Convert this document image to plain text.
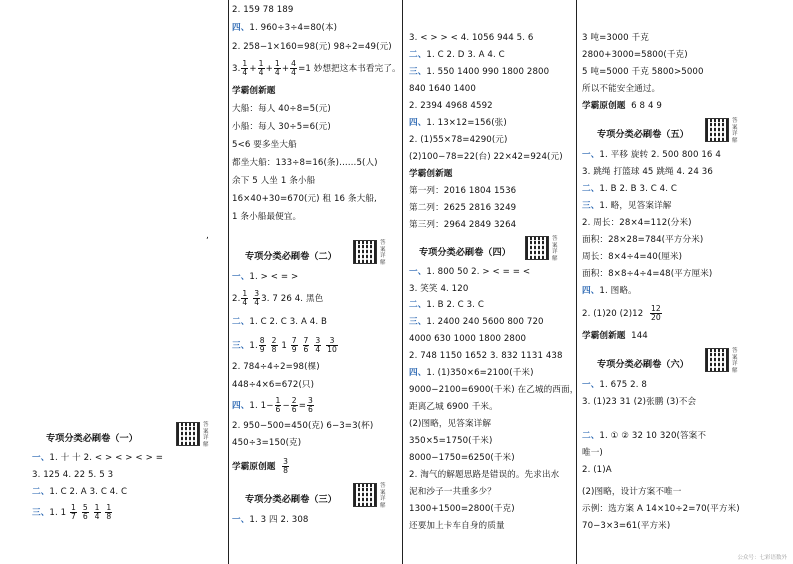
专项分类必刷卷（一）
答案详解
一、1. 十 十 2. < > < > < > =
3. 125 4. 22 5. 5 3
二、1. C 2. A 3. C 4. C
三、1. $1 \frac{1}{7}$
$\frac{5}{6}$
$\frac{1}{4}$
$\frac{1}{8}$
,
2. 159 78 189
四、1. 960÷3÷4=80(本)
2. 258−1×160=98(元) 98÷2=49(元)
3. $\frac{1}{4} + \frac{1}{4} + \frac{1}{4} + \frac{4}{4} =1$ 妙想把这本书看完了。
学霸创新题
大船：每人 40÷8=5(元)
小船：每人 30÷5=6(元)
5<6 要多坐大船
都坐大船：133÷8=16(条)……5(人)
余下 5 人坐 1 条小船
16×40+30=670(元) 租 16 条大船,
1 条小船最便宜。
专项分类必刷卷（二）
答案详解
一、1. > < = >
2. $\frac{1}{4}$
$\frac{3}{4} 3$. 7 26 4. 黑色
二、1. C 2. C 3. A 4. B
三、1. $\frac{8}{9}$
$\frac{2}{8} 1 \frac{7}{9}$
$\frac{7}{6}$
$\frac{3}{4}$
$\frac{3}{10}$
2. 784÷4÷2=98(棵)
448÷4×6=672(只)
四、1. $1- \frac{1}{6} - \frac{2}{6} = \frac{3}{6}$
2. 950−500=450(克) 6−3=3(杯)
450÷3=150(克)
学霸原创题 $\frac{3}{8}$
专项分类必刷卷（三）
答案详解
一、1. 3 四 2. 308
3. < > > < 4. 1056 944 5. 6
二、1. C 2. D 3. A 4. C
三、1. 550 1400 990 1800 2800
840 1640 1400
2. 2394 4968 4592
四、1. 13×12=156(张)
2. (1)55×78=4290(元)
(2)100−78=22(台) 22×42=924(元)
学霸创新题
第一列：2016 1804 1536
第二列：2625 2816 3249
第三列：2964 2849 3264
专项分类必刷卷（四）
答案详解
一、1. 800 50 2. > < = = <
3. 笑笑 4. 120
二、1. B 2. C 3. C
三、1. 2400 240 5600 800 720
4000 630 1000 1800 2800
2. 748 1150 1652 3. 832 1131 438
四、1. (1)350×6=2100(千米)
9000−2100=6900(千米) 在乙城的西面，
距离乙城 6900 千米。
(2)图略，见答案详解
350×5=1750(千米)
8000−1750=6250(千米)
2. 淘气的解题思路是错误的。先求出水
泥和沙子一共重多少？
1300+1500=2800(千克)
还要加上卡车自身的质量
3 吨=3000 千克
2800+3000=5800(千克)
5 吨=5000 千克 5800>5000
所以不能安全通过。
学霸原创题 6 8 4 9
专项分类必刷卷（五）
答案详解
一、1. 平移 旋转 2. 500 800 16 4
3. 跳绳 打篮球 45 跳绳 4. 24 36
二、1. B 2. B 3. C 4. C
三、1. 略，见答案详解
2. 周长：28×4=112(分米)
面积：28×28=784(平方分米)
周长：8×4÷4=40(厘米)
面积：8×8÷4÷4=48(平方厘米)
四、1. 图略。
2. (1)20 $(2)12 \frac{12}{20}$
学霸创新题 144
专项分类必刷卷（六）
答案详解
一、1. 675 2. 8
3. (1)23 31 (2)张鹏 (3)不会
二、1. ① ② 32 10 320(答案不
唯一)
2. (1)A
(2)图略，设计方案不唯一
示例：选方案 A 14×10÷2=70(平方米)
70−3×3=61(平方米)
公众号：七彩语数外
